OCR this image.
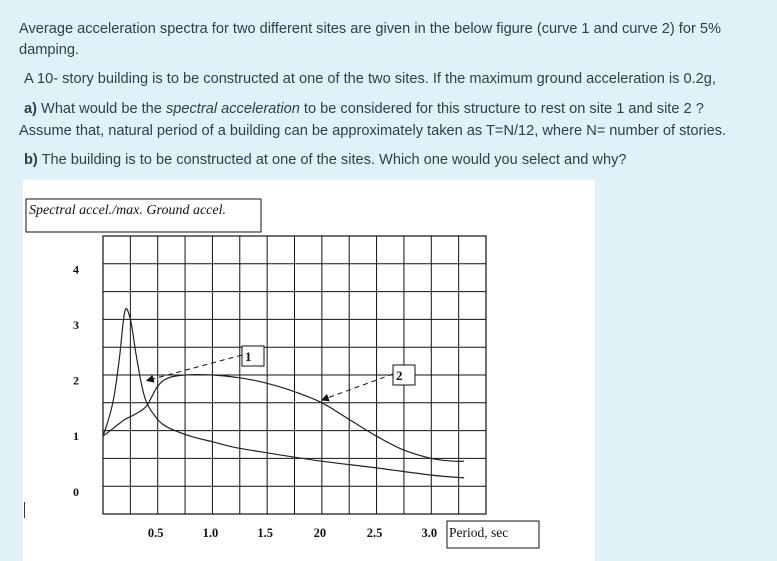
Average acceleration spectra for two different sites are given in the below figure (curve 1 and curve 2) for 5%
damping.
A 10- story building is to be constructed at one of the two sites. If the maximum ground acceleration is 0.2g,
a) What would be the spectral acceleration to be considered for this structure to rest on site 1 and site 2 ?
Assume that, natural period of a building can be approximately taken as T=N/12, where N= number of stories.
b) The building is to be constructed at one of the sites. Which one would you select and why?
Spectral accel./max. Ground accel.
Period, sec
0
1
2
3
4
0.5	1.0	1.5	20	2.5	3.0
1
2
